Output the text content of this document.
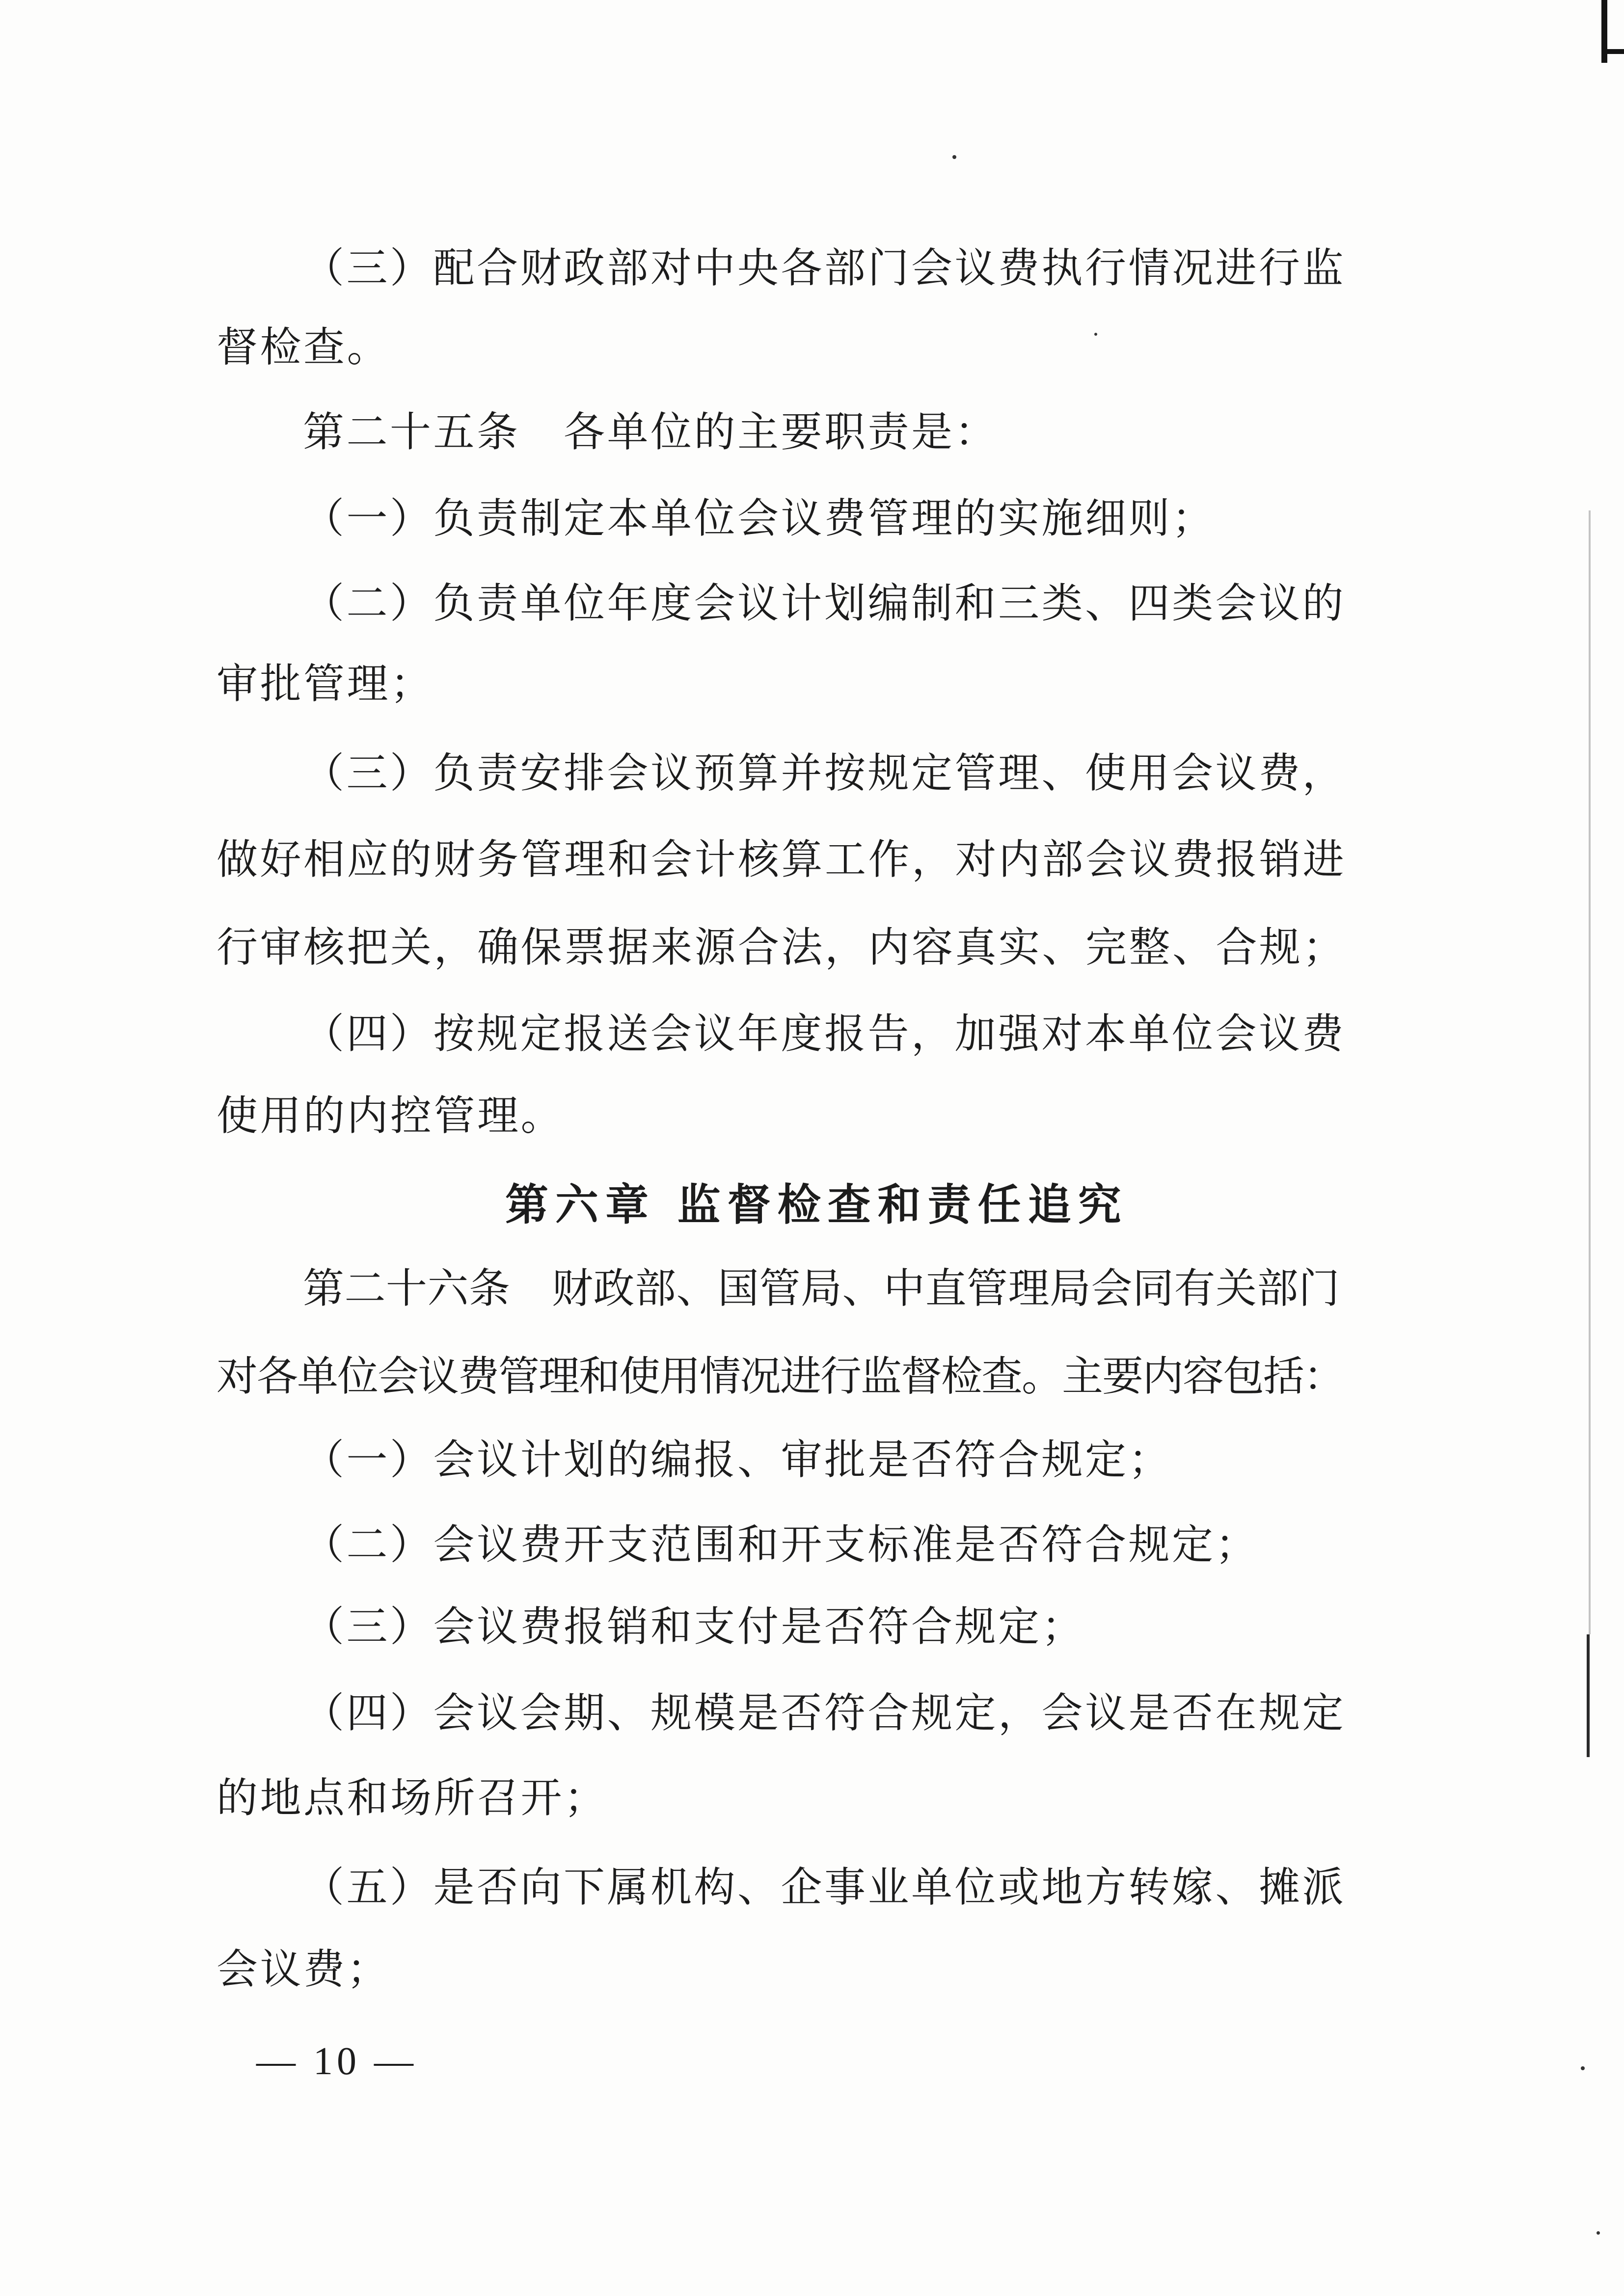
（三）配合财政部对中央各部门会议费执行情况进行监
督检查。
第二十五条　各单位的主要职责是：
（一）负责制定本单位会议费管理的实施细则；
（二）负责单位年度会议计划编制和三类、四类会议的
审批管理；
（三）负责安排会议预算并按规定管理、使用会议费，
做好相应的财务管理和会计核算工作，对内部会议费报销进
行审核把关，确保票据来源合法，内容真实、完整、合规；
（四）按规定报送会议年度报告，加强对本单位会议费
使用的内控管理。
第六章 监督检查和责任追究
第二十六条　财政部、国管局、中直管理局会同有关部门
对各单位会议费管理和使用情况进行监督检查。主要内容包括：
（一）会议计划的编报、审批是否符合规定；
（二）会议费开支范围和开支标准是否符合规定；
（三）会议费报销和支付是否符合规定；
（四）会议会期、规模是否符合规定，会议是否在规定
的地点和场所召开；
（五）是否向下属机构、企事业单位或地方转嫁、摊派
会议费；
— 10 —
